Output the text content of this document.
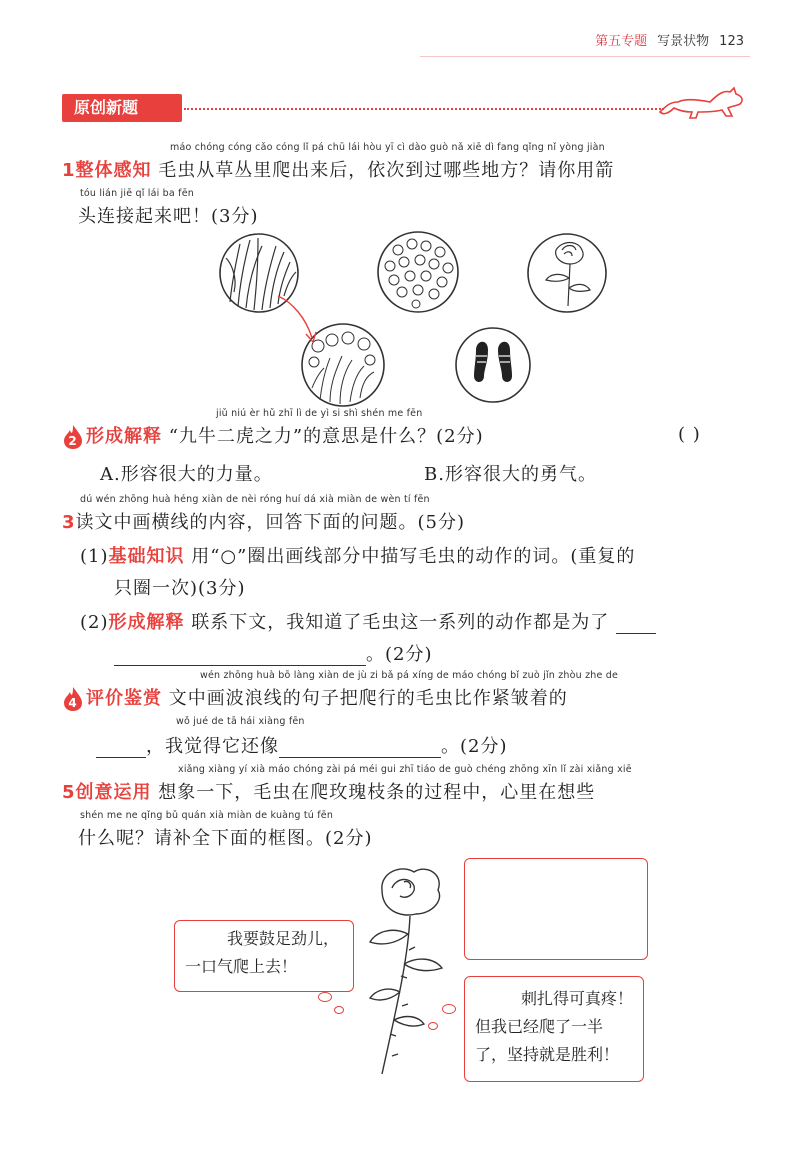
第五专题 写景状物 123
原创新题
máo chóng cóng cǎo cóng lǐ pá chū lái hòu yī cì dào guò nǎ xiē dì fang qǐng nǐ yòng jiàn
1整体感知 毛虫从草丛里爬出来后，依次到过哪些地方？请你用箭
tóu lián jiē qǐ lái ba fēn
头连接起来吧！(3分)
jiǔ niú èr hǔ zhī lì de yì si shì shén me fēn
2 形成解释 “九牛二虎之力”的意思是什么？(2分)	( )
A.形容很大的力量。	B.形容很大的勇气。
dú wén zhōng huà héng xiàn de nèi róng huí dá xià miàn de wèn tí fēn
3读文中画横线的内容，回答下面的问题。(5分)
(1)基础知识 用“○”圈出画线部分中描写毛虫的动作的词。(重复的
只圈一次)(3分)
(2)形成解释 联系下文，我知道了毛虫这一系列的动作都是为了
。(2分)
wén zhōng huà bō làng xiàn de jù zi bǎ pá xíng de máo chóng bǐ zuò jǐn zhòu zhe de
4 评价鉴赏 文中画波浪线的句子把爬行的毛虫比作紧皱着的
wǒ jué de tā hái xiàng fēn
，我觉得它还像	。(2分)
xiǎng xiàng yí xià máo chóng zài pá méi gui zhī tiáo de guò chéng zhōng xīn lǐ zài xiǎng xiē
5创意运用 想象一下，毛虫在爬玫瑰枝条的过程中，心里在想些
shén me ne qǐng bǔ quán xià miàn de kuàng tú fēn
什么呢？请补全下面的框图。(2分)
我要鼓足劲儿，
一口气爬上去！
刺扎得可真疼！
但我已经爬了一半
了，坚持就是胜利！
